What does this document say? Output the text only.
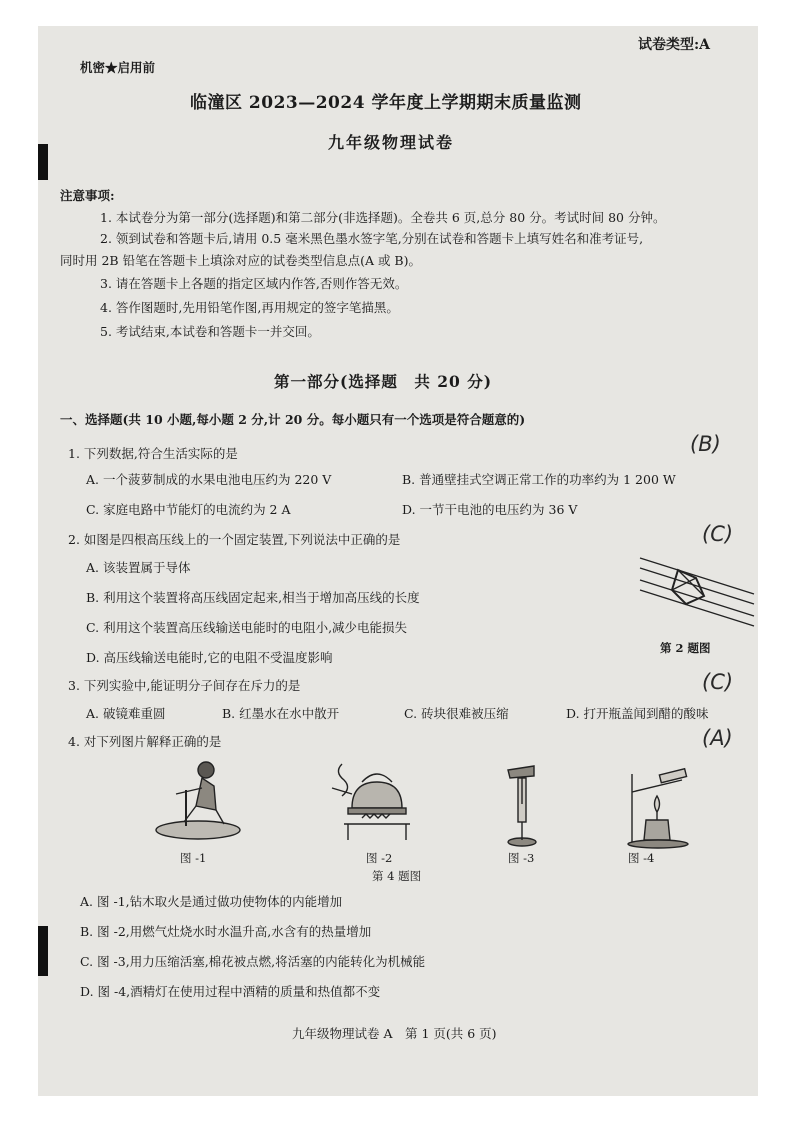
机密★启用前
试卷类型:A
临潼区 2023—2024 学年度上学期期末质量监测
九年级物理试卷
注意事项:
1. 本试卷分为第一部分(选择题)和第二部分(非选择题)。全卷共 6 页,总分 80 分。考试时间 80 分钟。
2. 领到试卷和答题卡后,请用 0.5 毫米黑色墨水签字笔,分别在试卷和答题卡上填写姓名和准考证号,
同时用 2B 铅笔在答题卡上填涂对应的试卷类型信息点(A 或 B)。
3. 请在答题卡上各题的指定区域内作答,否则作答无效。
4. 答作图题时,先用铅笔作图,再用规定的签字笔描黑。
5. 考试结束,本试卷和答题卡一并交回。
第一部分(选择题　共 20 分)
一、选择题(共 10 小题,每小题 2 分,计 20 分。每小题只有一个选项是符合题意的)
1. 下列数据,符合生活实际的是	(B)
A. 一个菠萝制成的水果电池电压约为 220 V	B. 普通壁挂式空调正常工作的功率约为 1 200 W
C. 家庭电路中节能灯的电流约为 2 A	D. 一节干电池的电压约为 36 V
2. 如图是四根高压线上的一个固定装置,下列说法中正确的是	(C)
A. 该装置属于导体
B. 利用这个装置将高压线固定起来,相当于增加高压线的长度
C. 利用这个装置高压线输送电能时的电阻小,减少电能损失
D. 高压线输送电能时,它的电阻不受温度影响
第 2 题图
3. 下列实验中,能证明分子间存在斥力的是	(C)
A. 破镜难重圆	B. 红墨水在水中散开	C. 砖块很难被压缩	D. 打开瓶盖闻到醋的酸味
4. 对下列图片解释正确的是	(A)
图 -1	图 -2	图 -3	图 -4
第 4 题图
A. 图 -1,钻木取火是通过做功使物体的内能增加
B. 图 -2,用燃气灶烧水时水温升高,水含有的热量增加
C. 图 -3,用力压缩活塞,棉花被点燃,将活塞的内能转化为机械能
D. 图 -4,酒精灯在使用过程中酒精的质量和热值都不变
九年级物理试卷 A　第 1 页(共 6 页)
